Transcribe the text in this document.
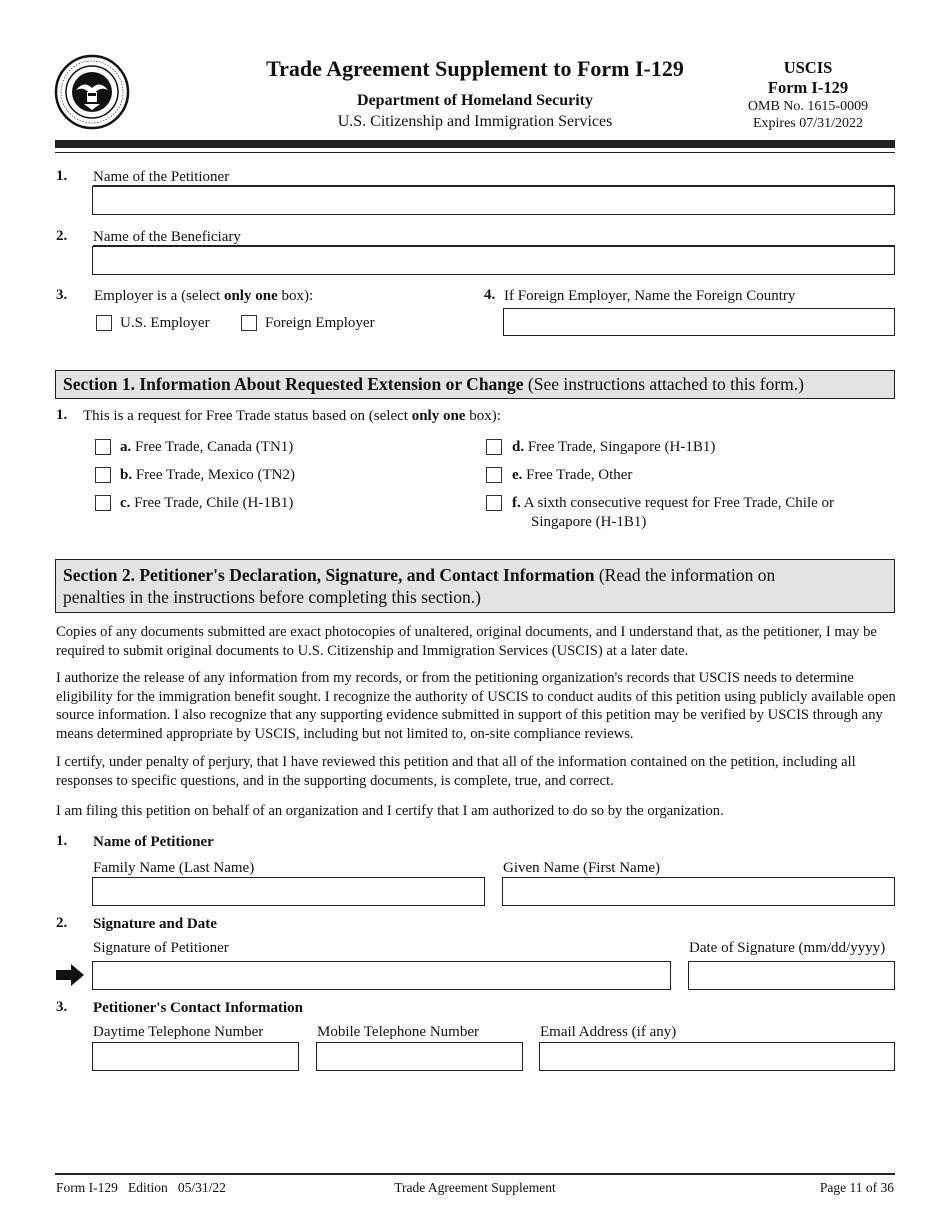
Trade Agreement Supplement to Form I-129
Department of Homeland Security
U.S. Citizenship and Immigration Services
USCIS
Form I-129
OMB No. 1615-0009
Expires 07/31/2022
1. Name of the Petitioner
2. Name of the Beneficiary
3. Employer is a (select only one box):
U.S. Employer	Foreign Employer
4. If Foreign Employer, Name the Foreign Country
Section 1. Information About Requested Extension or Change (See instructions attached to this form.)
1. This is a request for Free Trade status based on (select only one box):
a. Free Trade, Canada (TN1)
b. Free Trade, Mexico (TN2)
c. Free Trade, Chile (H-1B1)
d. Free Trade, Singapore (H-1B1)
e. Free Trade, Other
f. A sixth consecutive request for Free Trade, Chile or
Singapore (H-1B1)
Section 2. Petitioner's Declaration, Signature, and Contact Information (Read the information on
penalties in the instructions before completing this section.)
Copies of any documents submitted are exact photocopies of unaltered, original documents, and I understand that, as the petitioner, I may be required to submit original documents to U.S. Citizenship and Immigration Services (USCIS) at a later date.
I authorize the release of any information from my records, or from the petitioning organization's records that USCIS needs to determine eligibility for the immigration benefit sought. I recognize the authority of USCIS to conduct audits of this petition using publicly available open source information. I also recognize that any supporting evidence submitted in support of this petition may be verified by USCIS through any means determined appropriate by USCIS, including but not limited to, on-site compliance reviews.
I certify, under penalty of perjury, that I have reviewed this petition and that all of the information contained on the petition, including all responses to specific questions, and in the supporting documents, is complete, true, and correct.
I am filing this petition on behalf of an organization and I certify that I am authorized to do so by the organization.
1. Name of Petitioner
Family Name (Last Name)	Given Name (First Name)
2. Signature and Date
Signature of Petitioner	Date of Signature (mm/dd/yyyy)
3. Petitioner's Contact Information
Daytime Telephone Number	Mobile Telephone Number	Email Address (if any)
Form I-129   Edition   05/31/22	Trade Agreement Supplement	Page 11 of 36
